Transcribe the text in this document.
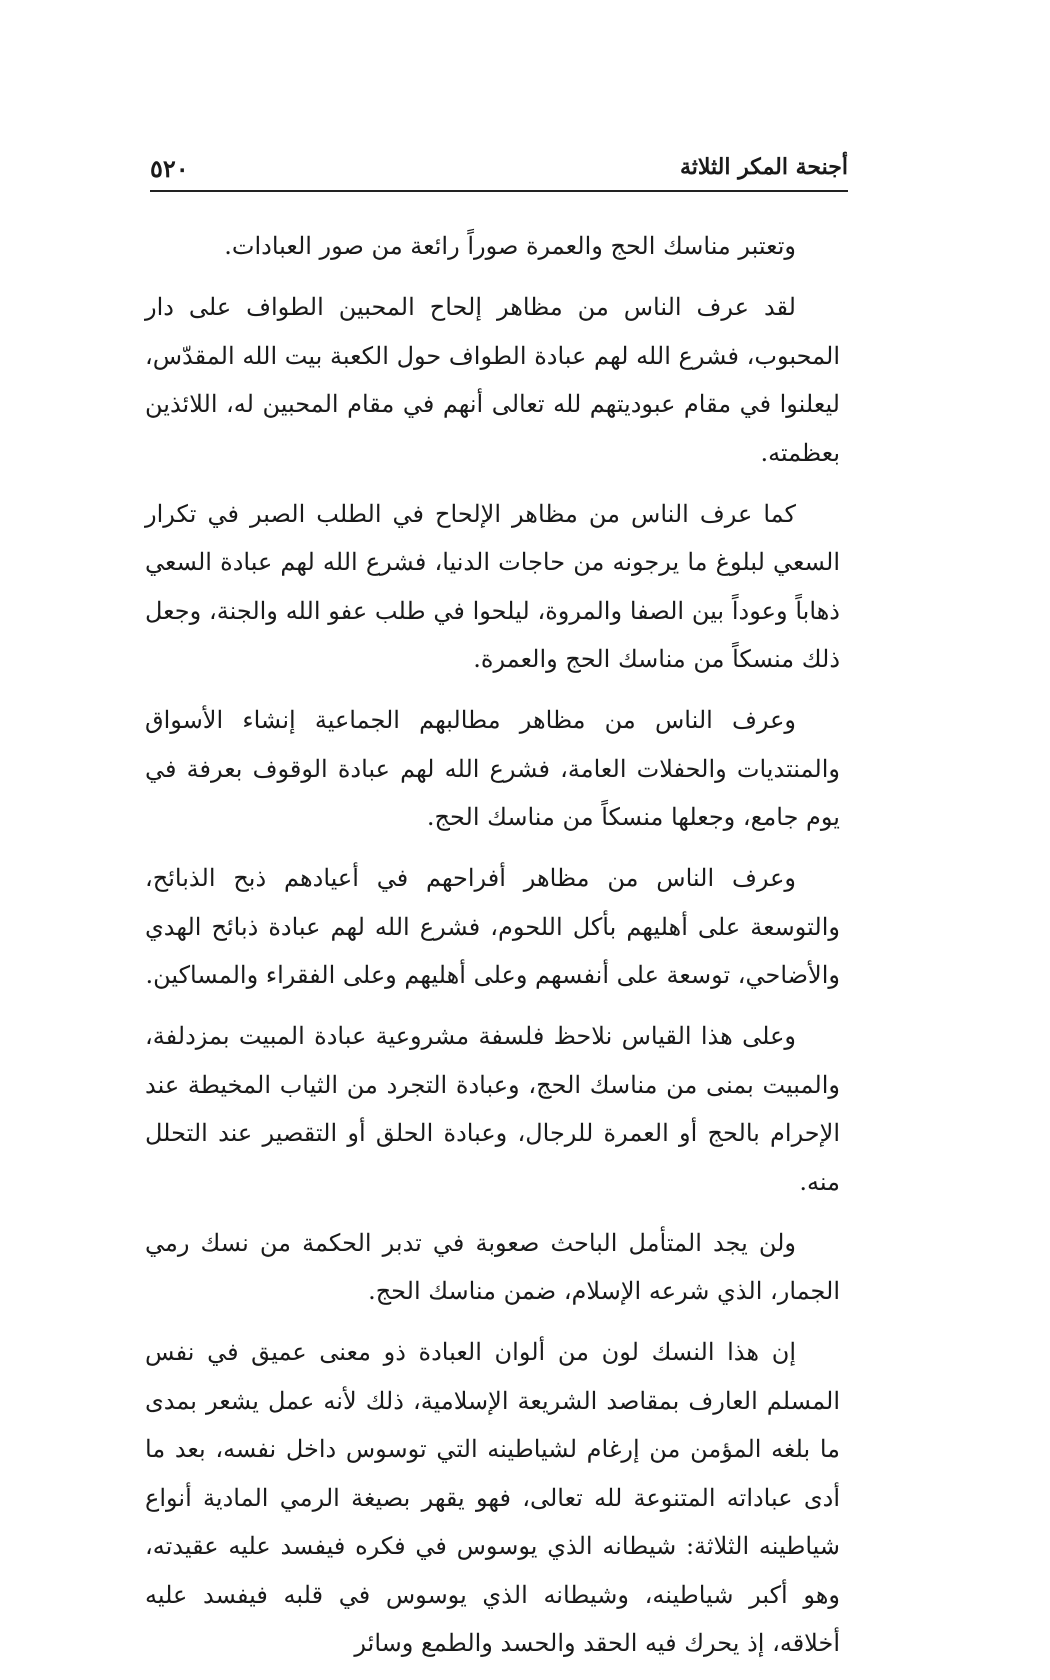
٥٢٠	أجنحة المكر الثلاثة

وتعتبر مناسك الحج والعمرة صوراً رائعة من صور العبادات.

لقد عرف الناس من مظاهر إلحاح المحبين الطواف على دار المحبوب، فشرع الله لهم عبادة الطواف حول الكعبة بيت الله المقدّس، ليعلنوا في مقام عبوديتهم لله تعالى أنهم في مقام المحبين له، اللائذين بعظمته.

كما عرف الناس من مظاهر الإلحاح في الطلب الصبر في تكرار السعي لبلوغ ما يرجونه من حاجات الدنيا، فشرع الله لهم عبادة السعي ذهاباً وعوداً بين الصفا والمروة، ليلحوا في طلب عفو الله والجنة، وجعل ذلك منسكاً من مناسك الحج والعمرة.

وعرف الناس من مظاهر مطالبهم الجماعية إنشاء الأسواق والمنتديات والحفلات العامة، فشرع الله لهم عبادة الوقوف بعرفة في يوم جامع، وجعلها منسكاً من مناسك الحج.

وعرف الناس من مظاهر أفراحهم في أعيادهم ذبح الذبائح، والتوسعة على أهليهم بأكل اللحوم، فشرع الله لهم عبادة ذبائح الهدي والأضاحي، توسعة على أنفسهم وعلى أهليهم وعلى الفقراء والمساكين.

وعلى هذا القياس نلاحظ فلسفة مشروعية عبادة المبيت بمزدلفة، والمبيت بمنى من مناسك الحج، وعبادة التجرد من الثياب المخيطة عند الإحرام بالحج أو العمرة للرجال، وعبادة الحلق أو التقصير عند التحلل منه.

ولن يجد المتأمل الباحث صعوبة في تدبر الحكمة من نسك رمي الجمار، الذي شرعه الإسلام، ضمن مناسك الحج.

إن هذا النسك لون من ألوان العبادة ذو معنى عميق في نفس المسلم العارف بمقاصد الشريعة الإسلامية، ذلك لأنه عمل يشعر بمدى ما بلغه المؤمن من إرغام لشياطينه التي توسوس داخل نفسه، بعد ما أدى عباداته المتنوعة لله تعالى، فهو يقهر بصيغة الرمي المادية أنواع شياطينه الثلاثة: شيطانه الذي يوسوس في فكره فيفسد عليه عقيدته، وهو أكبر شياطينه، وشيطانه الذي يوسوس في قلبه فيفسد عليه أخلاقه، إذ يحرك فيه الحقد والحسد والطمع وسائر
